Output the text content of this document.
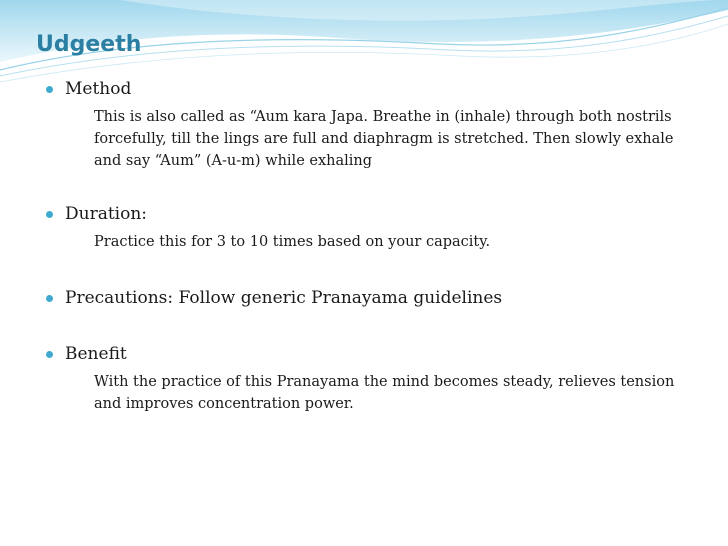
Udgeeth
Method

This is also called as “Aum kara Japa. Breathe in (inhale) through both nostrils forcefully, till the lings are full and diaphragm is stretched. Then slowly exhale and say “Aum” (A-u-m) while exhaling

Duration:

Practice this for 3 to 10 times based on your capacity.

Precautions: Follow generic Pranayama guidelines
Benefit

With the practice of this Pranayama the mind becomes steady, relieves tension and improves concentration power.
